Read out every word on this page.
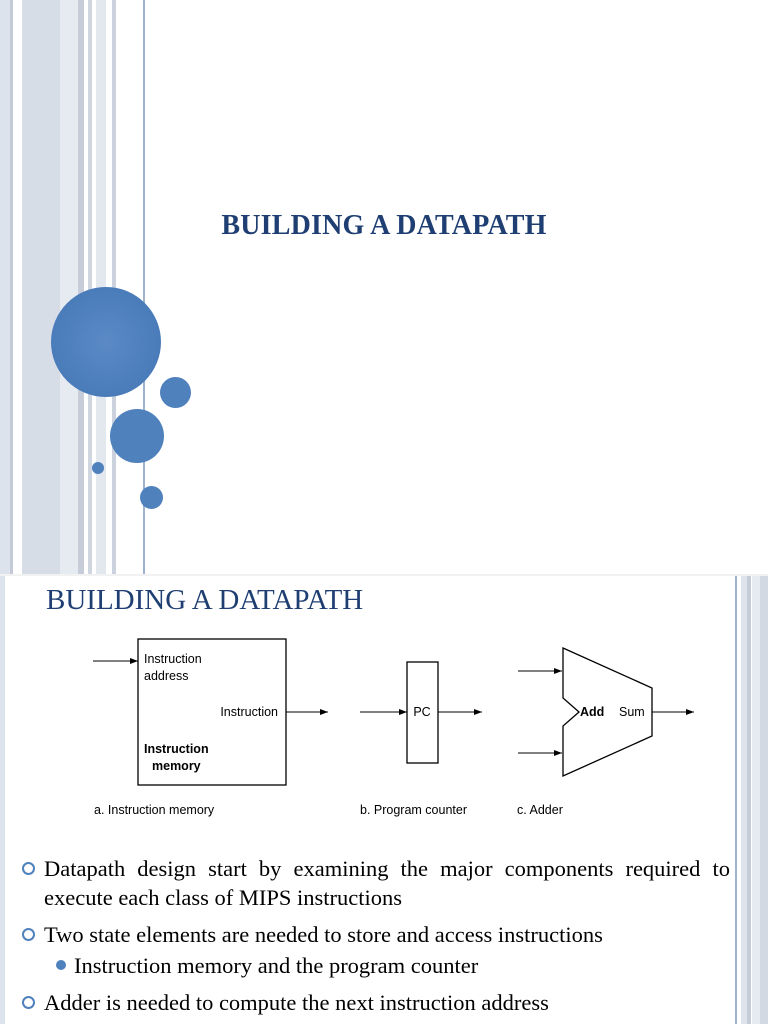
BUILDING A DATAPATH
BUILDING A DATAPATH
Instruction
address
Instruction
Instruction
memory
a. Instruction memory
PC
b. Program counter
Add Sum
c. Adder
Datapath design start by examining the major components required to execute each class of MIPS instructions
Two state elements are needed to store and access instructions
Instruction memory and the program counter
Adder is needed to compute the next instruction address
